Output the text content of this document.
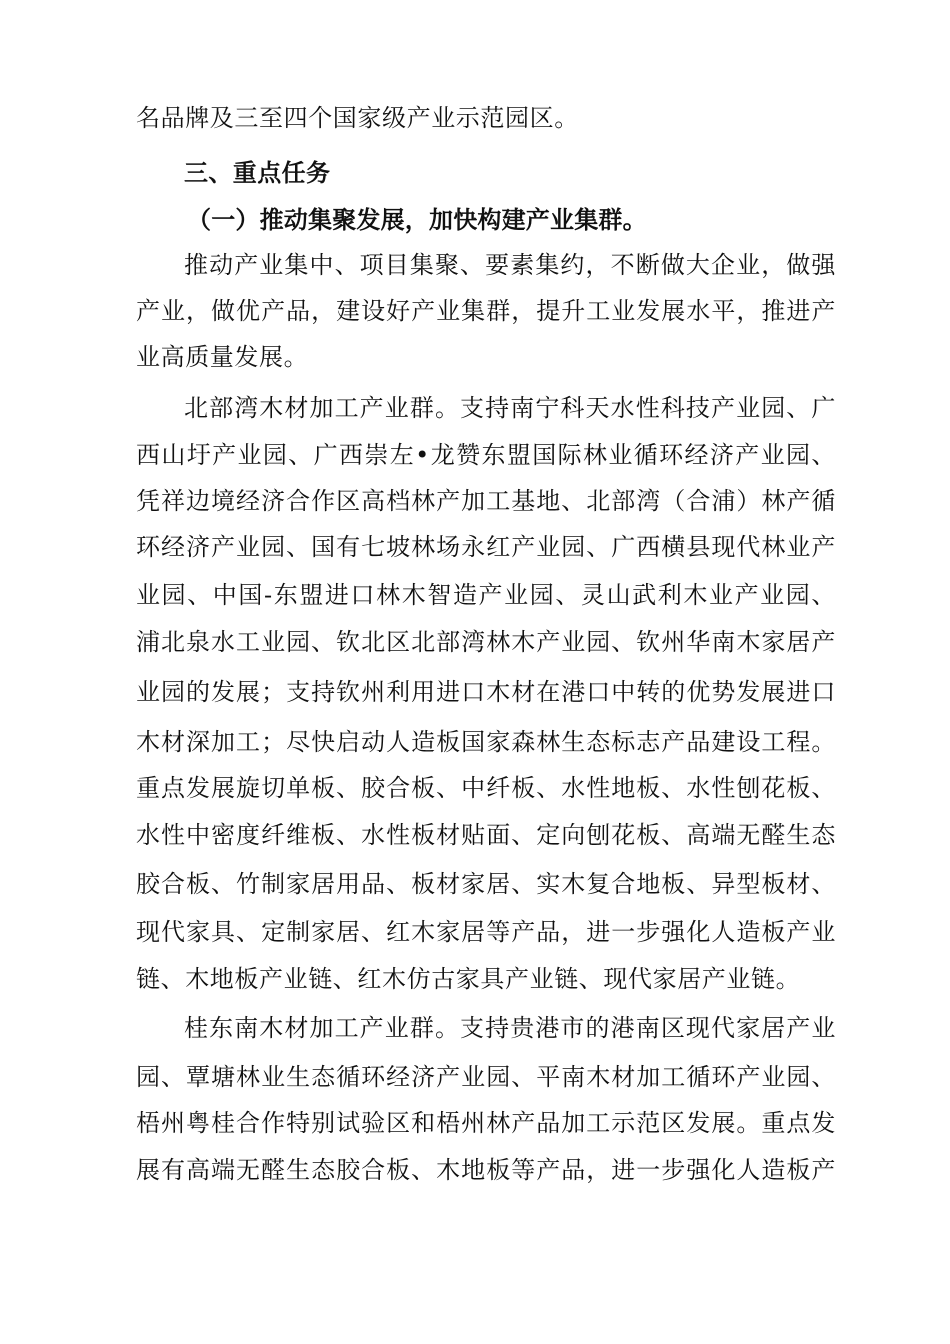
名品牌及三至四个国家级产业示范园区。
三、重点任务
（一）推动集聚发展，加快构建产业集群。
推动产业集中、项目集聚、要素集约，不断做大企业，做强
产业，做优产品，建设好产业集群，提升工业发展水平，推进产
业高质量发展。
北部湾木材加工产业群。支持南宁科天水性科技产业园、广
西山圩产业园、广西崇左•龙赞东盟国际林业循环经济产业园、
凭祥边境经济合作区高档林产加工基地、北部湾（合浦）林产循
环经济产业园、国有七坡林场永红产业园、广西横县现代林业产
业园、中国-东盟进口林木智造产业园、灵山武利木业产业园、
浦北泉水工业园、钦北区北部湾林木产业园、钦州华南木家居产
业园的发展；支持钦州利用进口木材在港口中转的优势发展进口
木材深加工；尽快启动人造板国家森林生态标志产品建设工程。
重点发展旋切单板、胶合板、中纤板、水性地板、水性刨花板、
水性中密度纤维板、水性板材贴面、定向刨花板、高端无醛生态
胶合板、竹制家居用品、板材家居、实木复合地板、异型板材、
现代家具、定制家居、红木家居等产品，进一步强化人造板产业
链、木地板产业链、红木仿古家具产业链、现代家居产业链。
桂东南木材加工产业群。支持贵港市的港南区现代家居产业
园、覃塘林业生态循环经济产业园、平南木材加工循环产业园、
梧州粤桂合作特别试验区和梧州林产品加工示范区发展。重点发
展有高端无醛生态胶合板、木地板等产品，进一步强化人造板产
